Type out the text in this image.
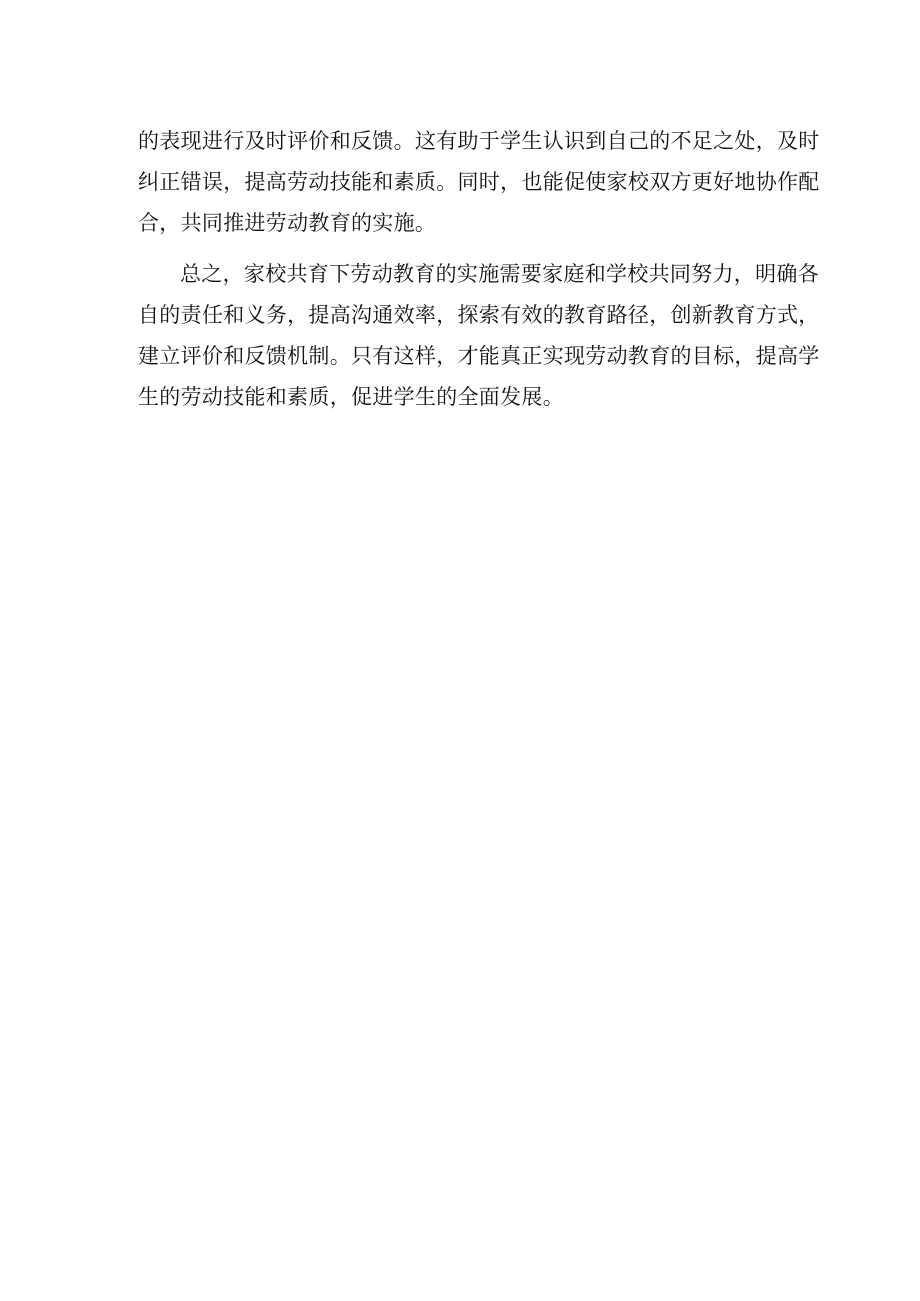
的表现进行及时评价和反馈。这有助于学生认识到自己的不足之处，及时
纠正错误，提高劳动技能和素质。同时，也能促使家校双方更好地协作配
合，共同推进劳动教育的实施。
总之，家校共育下劳动教育的实施需要家庭和学校共同努力，明确各
自的责任和义务，提高沟通效率，探索有效的教育路径，创新教育方式，
建立评价和反馈机制。只有这样，才能真正实现劳动教育的目标，提高学
生的劳动技能和素质，促进学生的全面发展。
